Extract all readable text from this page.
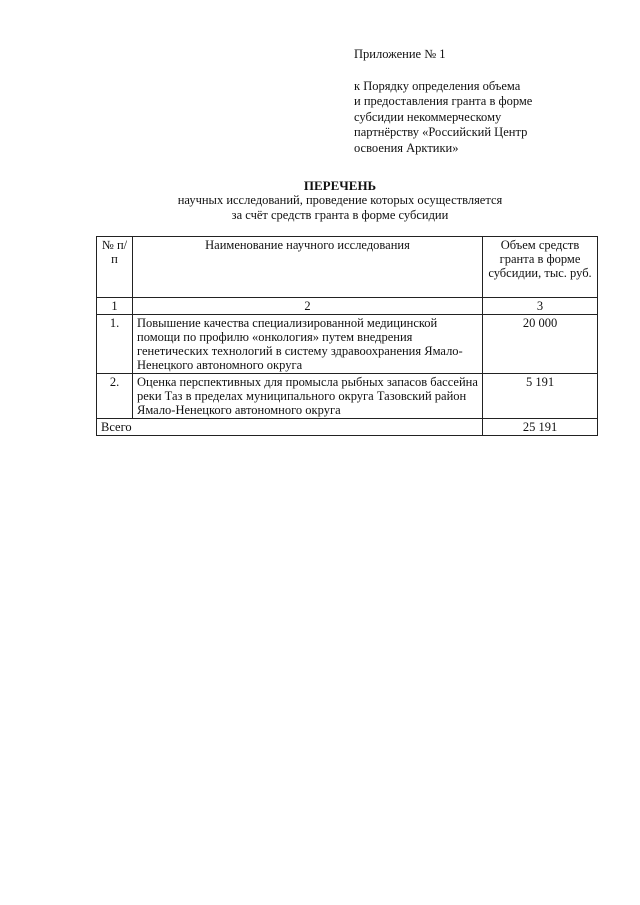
Приложение № 1
к Порядку определения объема
и предоставления гранта в форме
субсидии некоммерческому
партнёрству «Российский Центр
освоения Арктики»
ПЕРЕЧЕНЬ
научных исследований, проведение которых осуществляется
за счёт средств гранта в форме субсидии
№ п/п	Наименование научного исследования	Объем средств гранта в форме субсидии, тыс. руб.
1	2	3
1.	Повышение качества специализированной медицинской помощи по профилю «онкология» путем внедрения генетических технологий в систему здравоохранения Ямало-Ненецкого автономного округа	20 000
2.	Оценка перспективных для промысла рыбных запасов бассейна реки Таз в пределах муниципального округа Тазовский район Ямало-Ненецкого автономного округа	5 191
Всего		25 191
